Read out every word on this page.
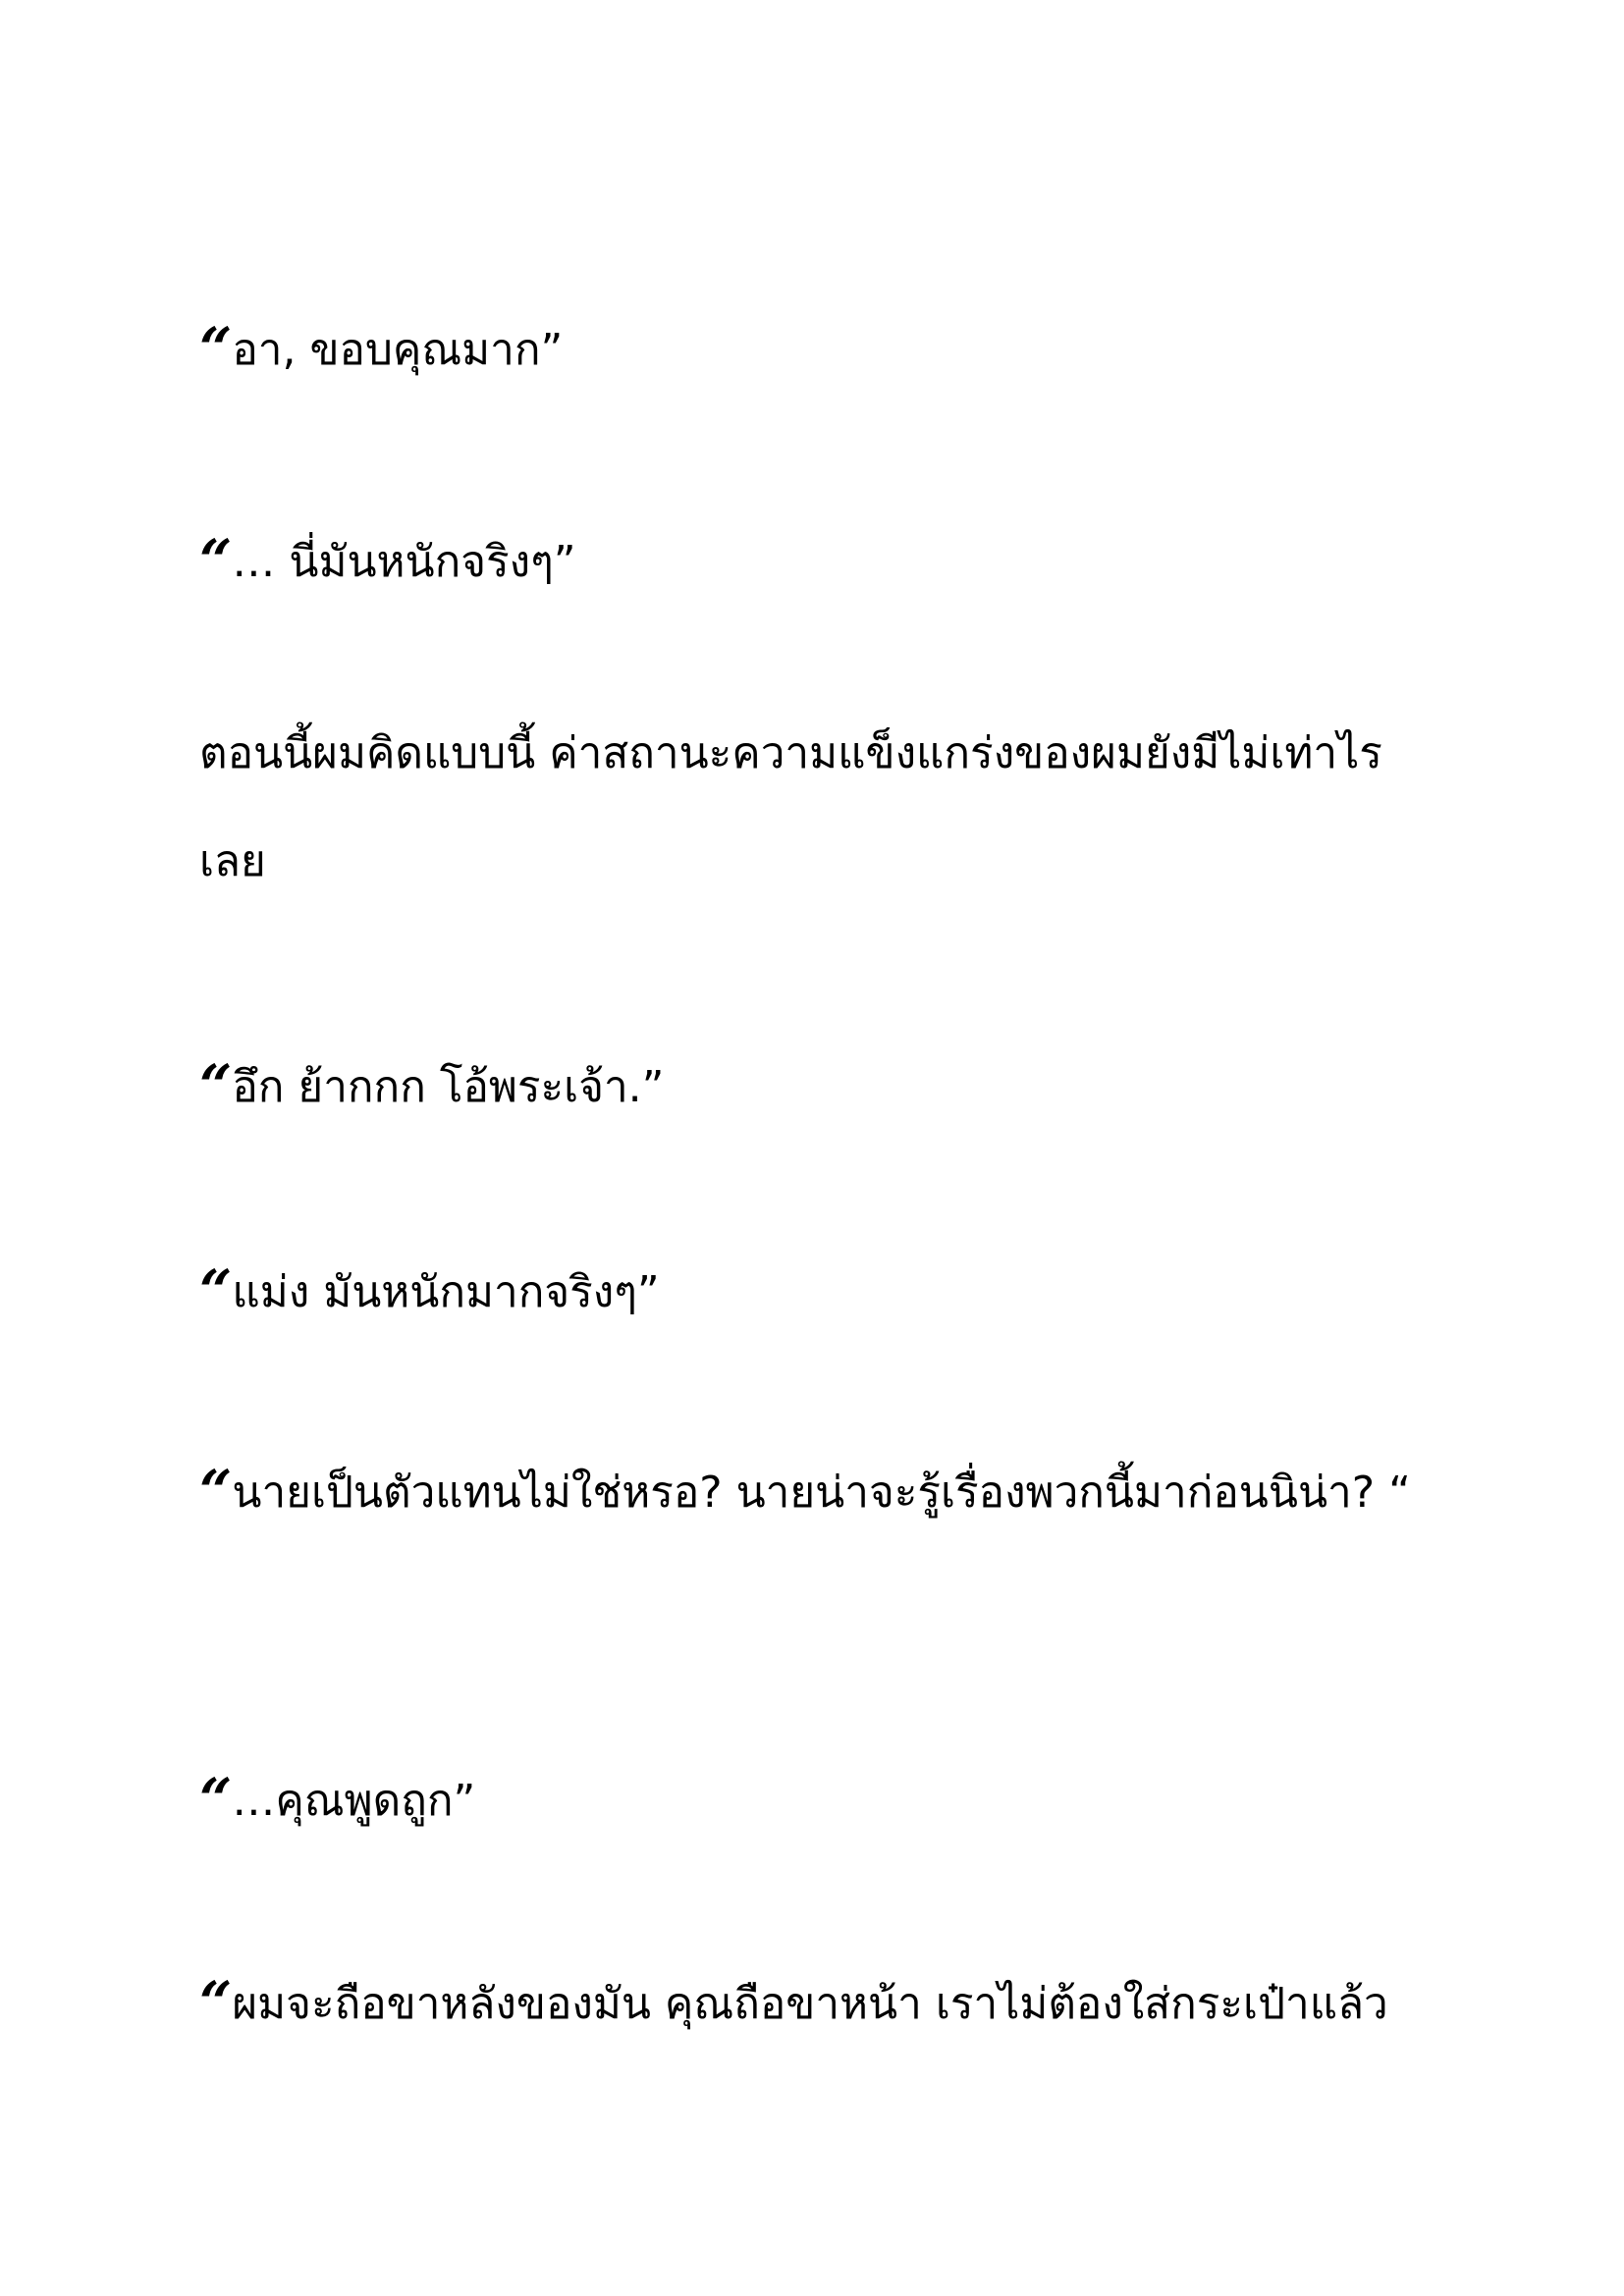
“อา, ขอบคุณมาก”

“… นี่มันหนักจริงๆ”

ตอนนี้ผมคิดแบบนี้ ค่าสถานะความแข็งแกร่งของผมยังมีไม่เท่าไรเลย

“อึก ย้ากกก โอ้พระเจ้า.”

“แม่ง มันหนักมากจริงๆ”

“นายเป็นตัวแทนไม่ใช่หรอ? นายน่าจะรู้เรื่องพวกนี้มาก่อนนิน่า? “

“…คุณพูดถูก”

“ผมจะถือขาหลังของมัน คุณถือขาหน้า เราไม่ต้องใส่กระเป๋าแล้ว
